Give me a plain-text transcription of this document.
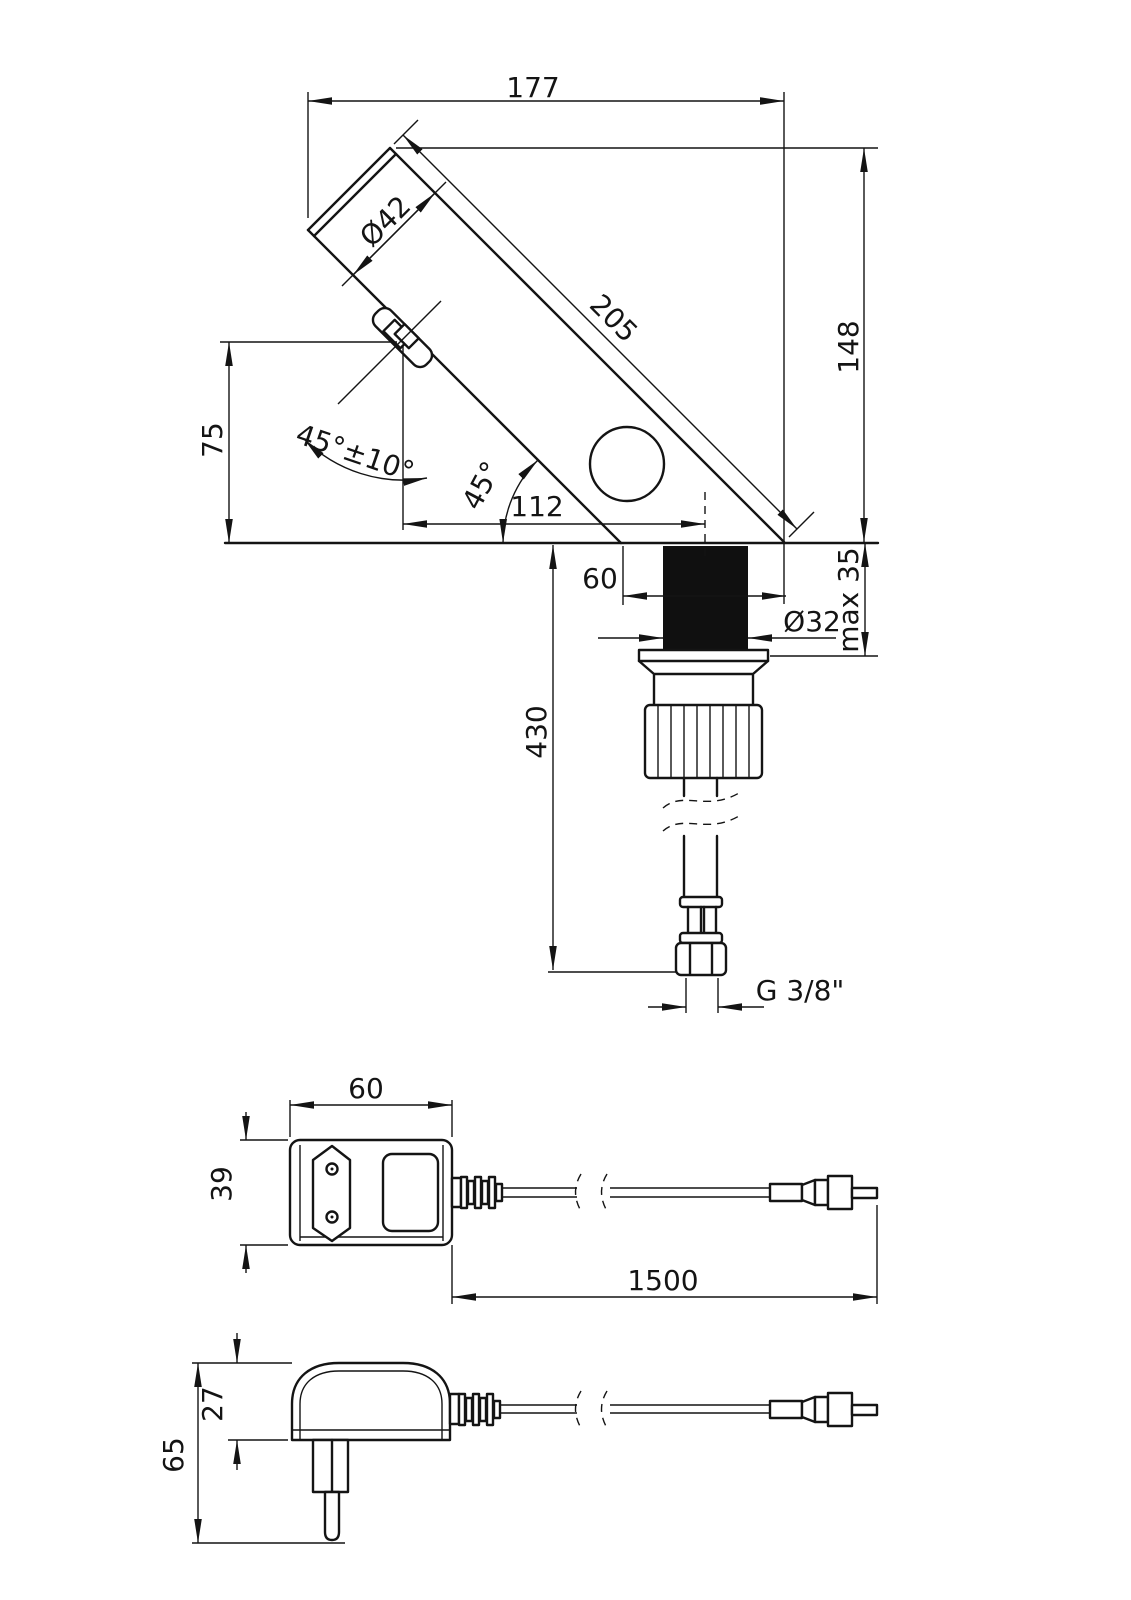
177
205
Ø42
148
75 45°±10° 45° 112
60
Ø32
max 35
430
G 3/8"
60
39
1500
27
65
